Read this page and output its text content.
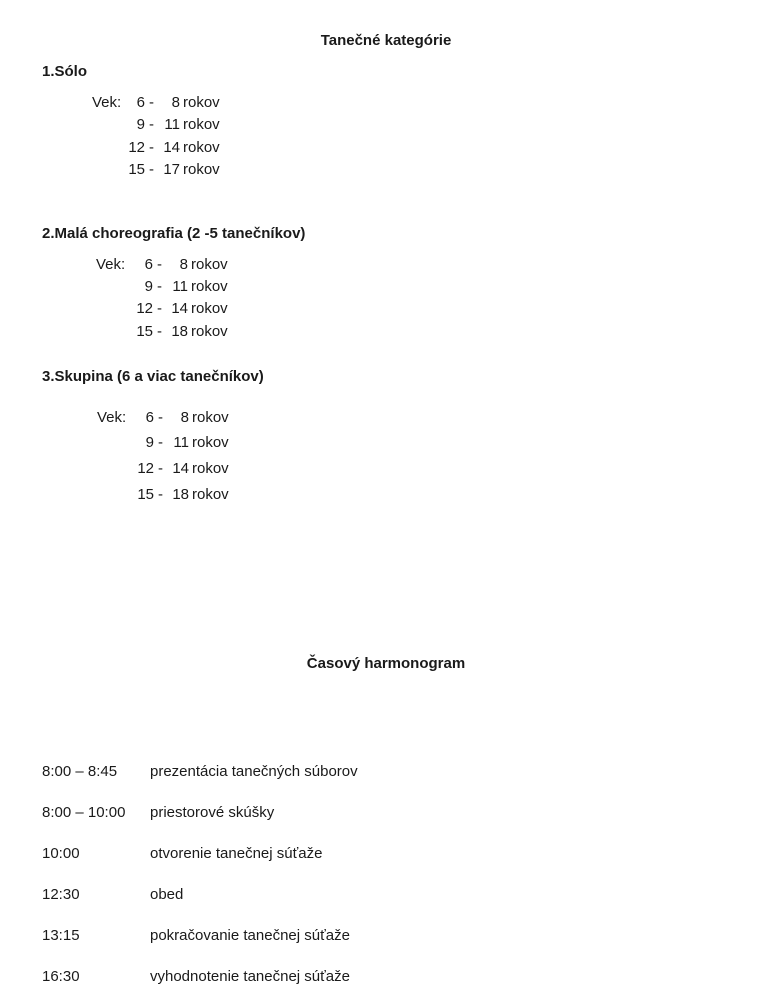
Tanečné kategórie
1.Sólo
Vek:	6 -	8 rokov
9 - 11 rokov
12 - 14 rokov
15 - 17 rokov
2.Malá choreografia (2 -5 tanečníkov)
Vek:	6 -	8 rokov
9 - 11 rokov
12 - 14 rokov
15 - 18 rokov
3.Skupina (6 a viac tanečníkov)
Vek:	6 -	8 rokov
9 - 11 rokov
12 - 14 rokov
15 - 18 rokov
Časový harmonogram
8:00 – 8:45 prezentácia tanečných súborov
8:00 – 10:00 priestorové skúšky
10:00	otvorenie tanečnej súťaže
12:30	obed
13:15	pokračovanie tanečnej súťaže
16:30	vyhodnotenie tanečnej súťaže
